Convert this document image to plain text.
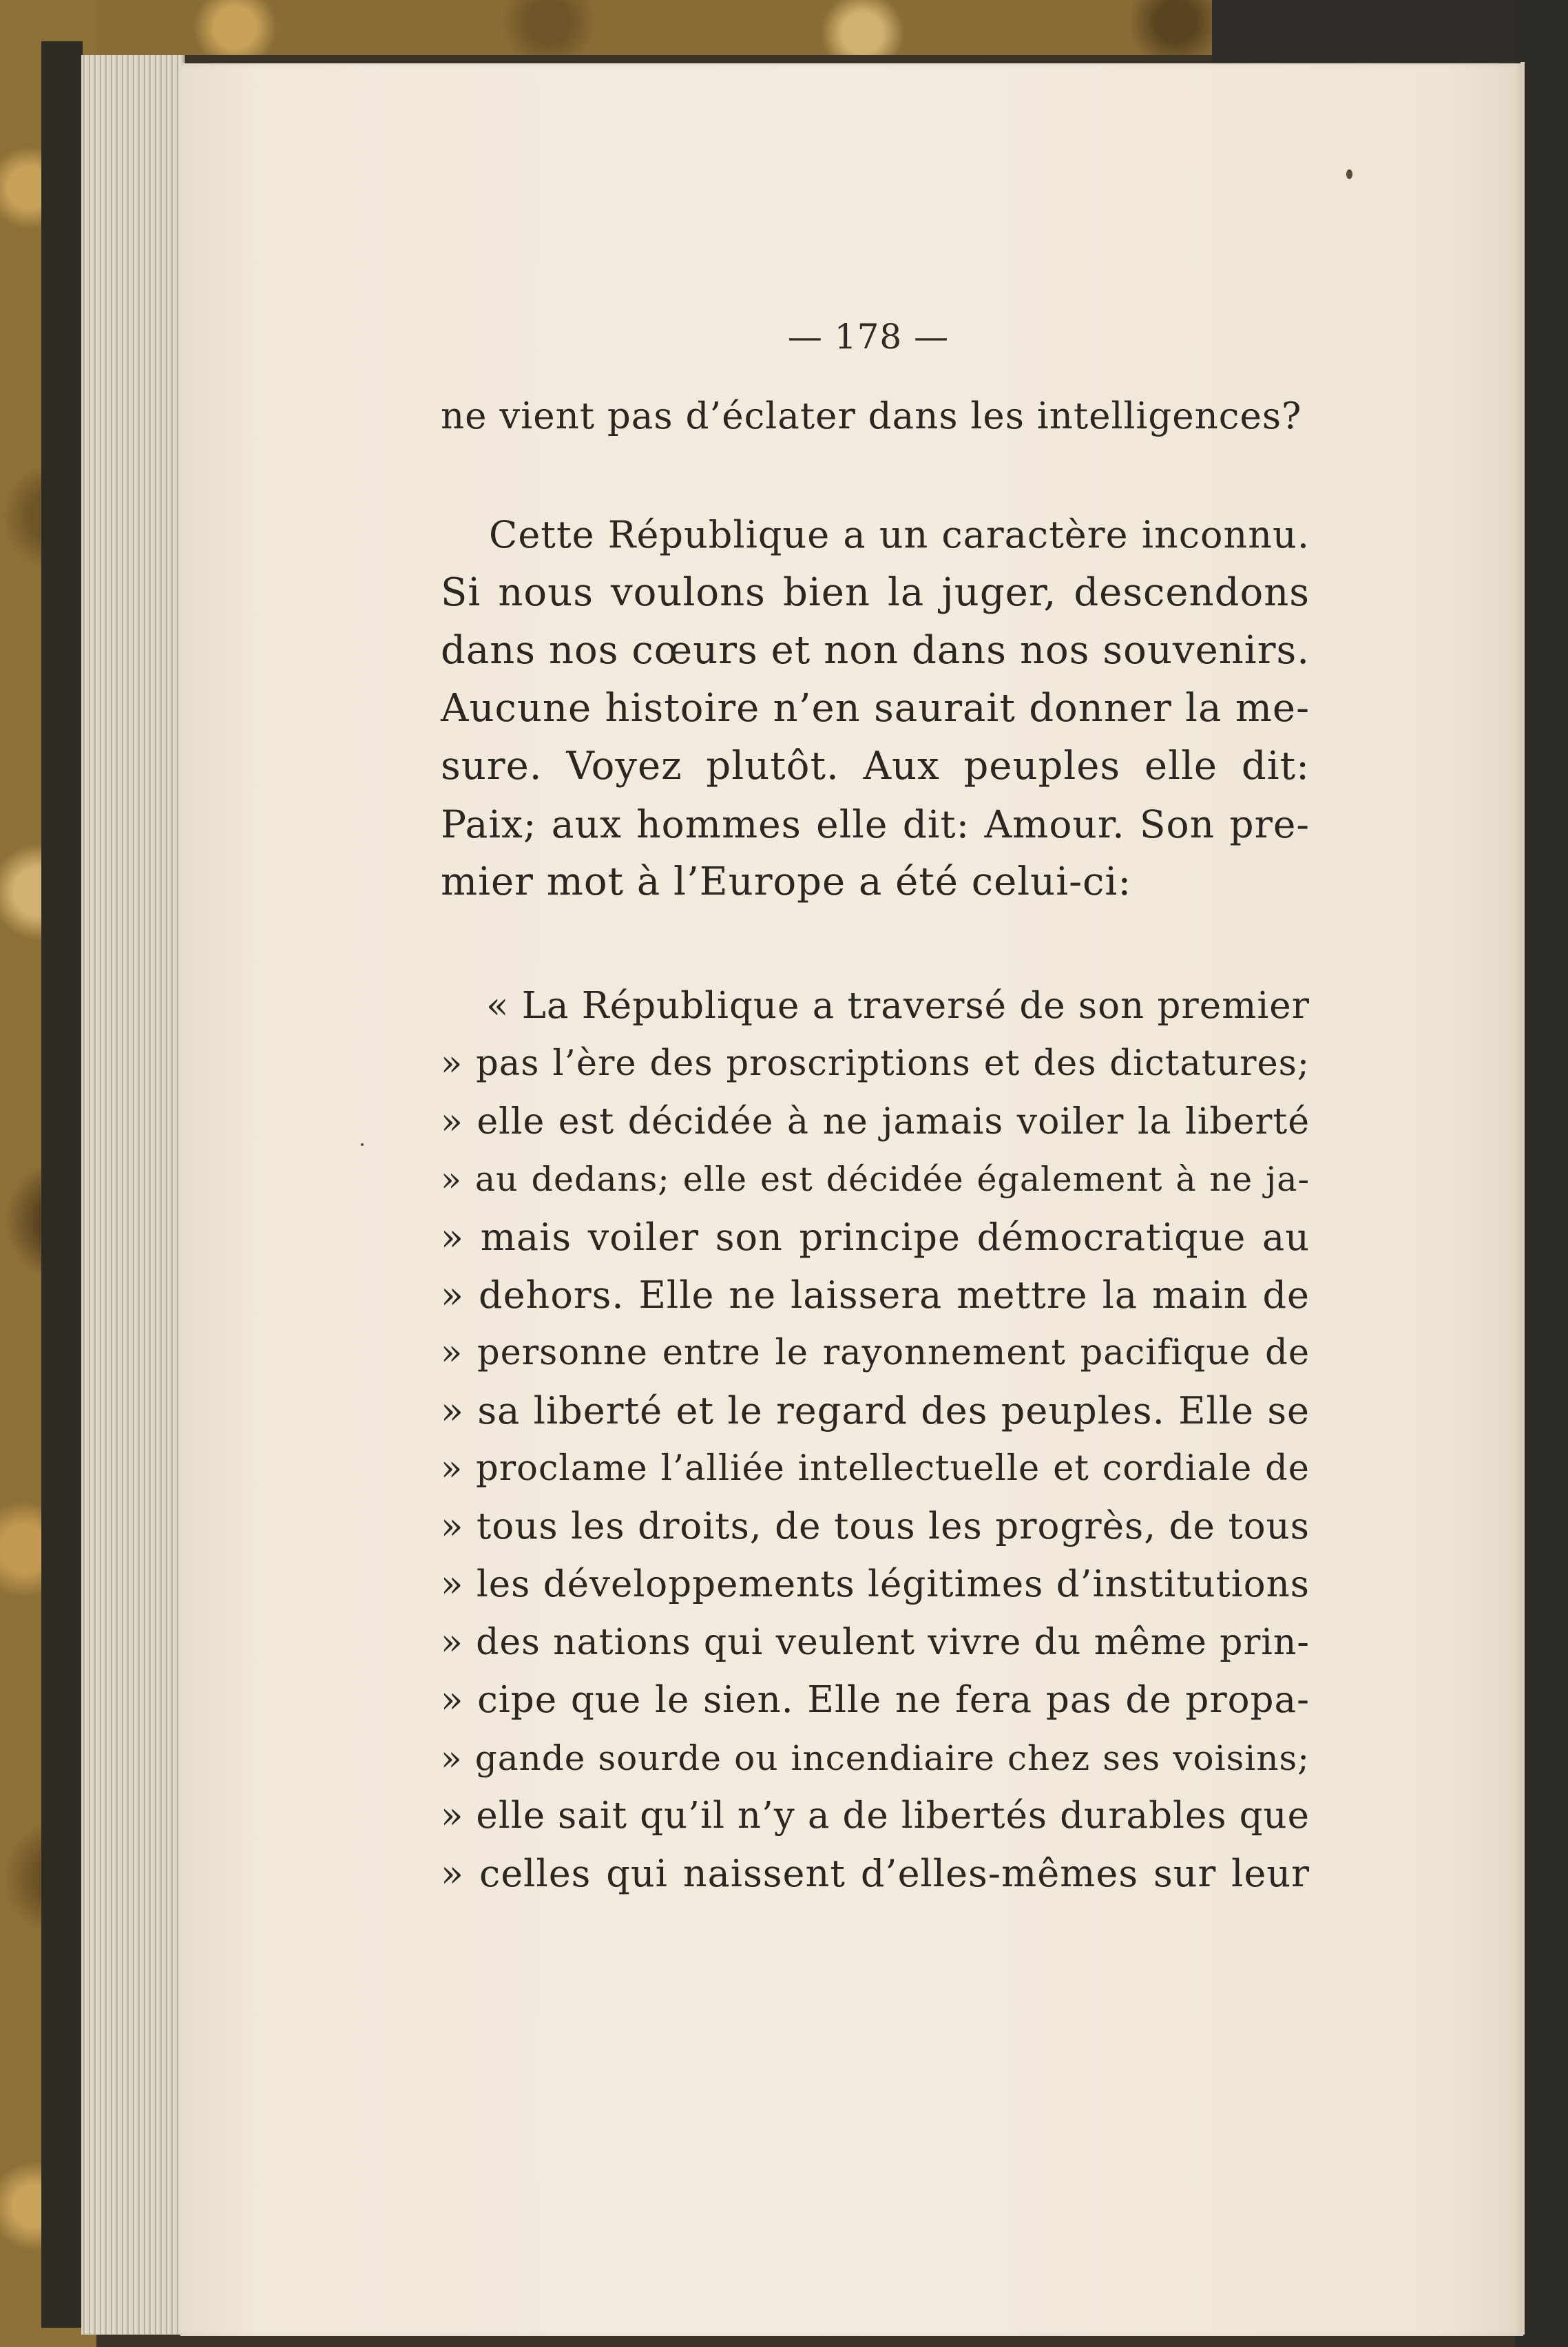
— 178 —
ne vient pas d’éclater dans les intelligences?
Cette République a un caractère inconnu.
Si nous voulons bien la juger, descendons
dans nos cœurs et non dans nos souvenirs.
Aucune histoire n’en saurait donner la me-
sure. Voyez plutôt. Aux peuples elle dit:
Paix; aux hommes elle dit: Amour. Son pre-
mier mot à l’Europe a été celui-ci:
« La République a traversé de son premier
» pas l’ère des proscriptions et des dictatures;
» elle est décidée à ne jamais voiler la liberté
» au dedans; elle est décidée également à ne ja-
» mais voiler son principe démocratique au
» dehors. Elle ne laissera mettre la main de
» personne entre le rayonnement pacifique de
» sa liberté et le regard des peuples. Elle se
» proclame l’alliée intellectuelle et cordiale de
» tous les droits, de tous les progrès, de tous
» les développements légitimes d’institutions
» des nations qui veulent vivre du même prin-
» cipe que le sien. Elle ne fera pas de propa-
» gande sourde ou incendiaire chez ses voisins;
» elle sait qu’il n’y a de libertés durables que
» celles qui naissent d’elles-mêmes sur leur
